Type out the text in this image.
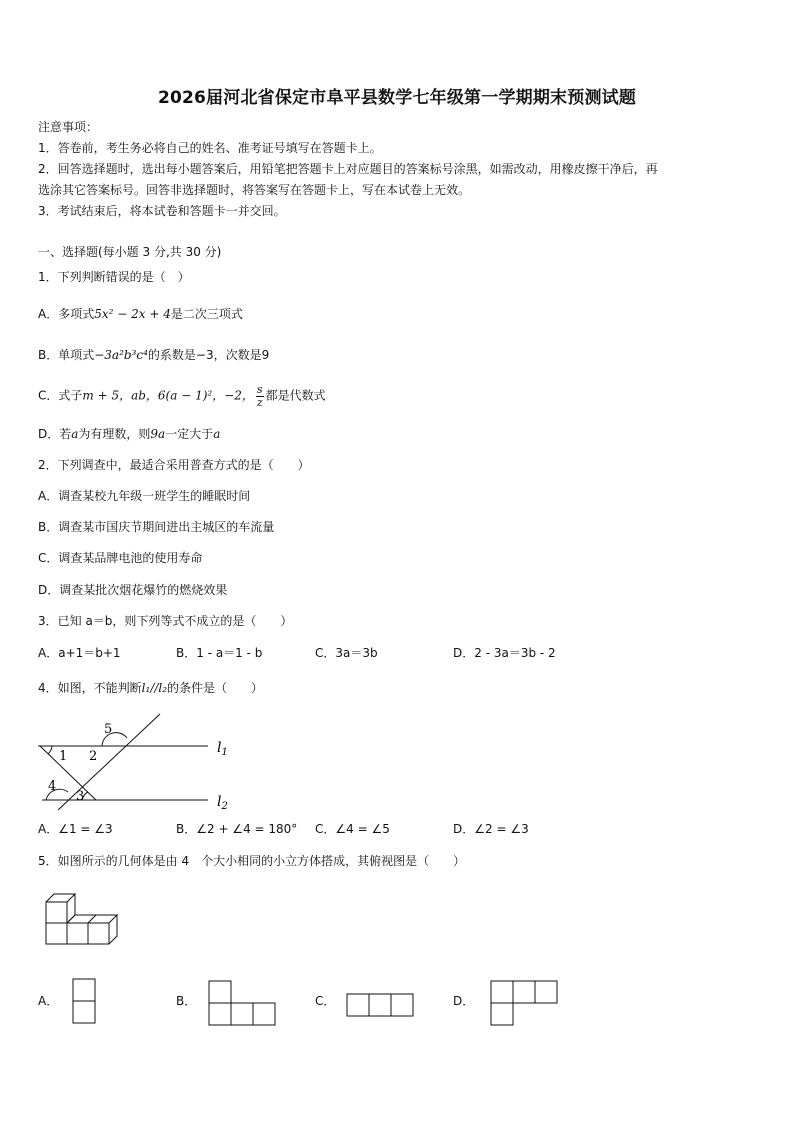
2026届河北省保定市阜平县数学七年级第一学期期末预测试题
注意事项：
1．答卷前，考生务必将自己的姓名、准考证号填写在答题卡上。
2．回答选择题时，选出每小题答案后，用铅笔把答题卡上对应题目的答案标号涂黑，如需改动，用橡皮擦干净后，再
选涂其它答案标号。回答非选择题时，将答案写在答题卡上，写在本试卷上无效。
3．考试结束后，将本试卷和答题卡一并交回。
一、选择题(每小题 3 分,共 30 分)
1．下列判断错误的是（　）
A．多项式5x² − 2x + 4是二次三项式
B．单项式−3a²b³c⁴的系数是−3，次数是9
C．式子m + 5，ab，6(a − 1)²，−2， $\frac{s}{z}$ 都是代数式
D．若a为有理数，则9a一定大于a
2．下列调查中，最适合采用普查方式的是（　　）
A．调查某校九年级一班学生的睡眠时间
B．调查某市国庆节期间进出主城区的车流量
C．调查某品牌电池的使用寿命
D．调查某批次烟花爆竹的燃烧效果
3．已知 a＝b，则下列等式不成立的是（　　）
A．a+1＝b+1	B．1 - a＝1 - b	C．3a＝3b	D．2 - 3a＝3b - 2
4．如图，不能判断l₁//l₂的条件是（　　）
1 2
3
4
5
$l_1$
$l_2$
A．∠1 = ∠3	B．∠2 + ∠4 = 180° C．∠4 = ∠5	D．∠2 = ∠3
5．如图所示的几何体是由 4　个大小相同的小立方体搭成，其俯视图是（　　）
A．	B．	C．	D．
